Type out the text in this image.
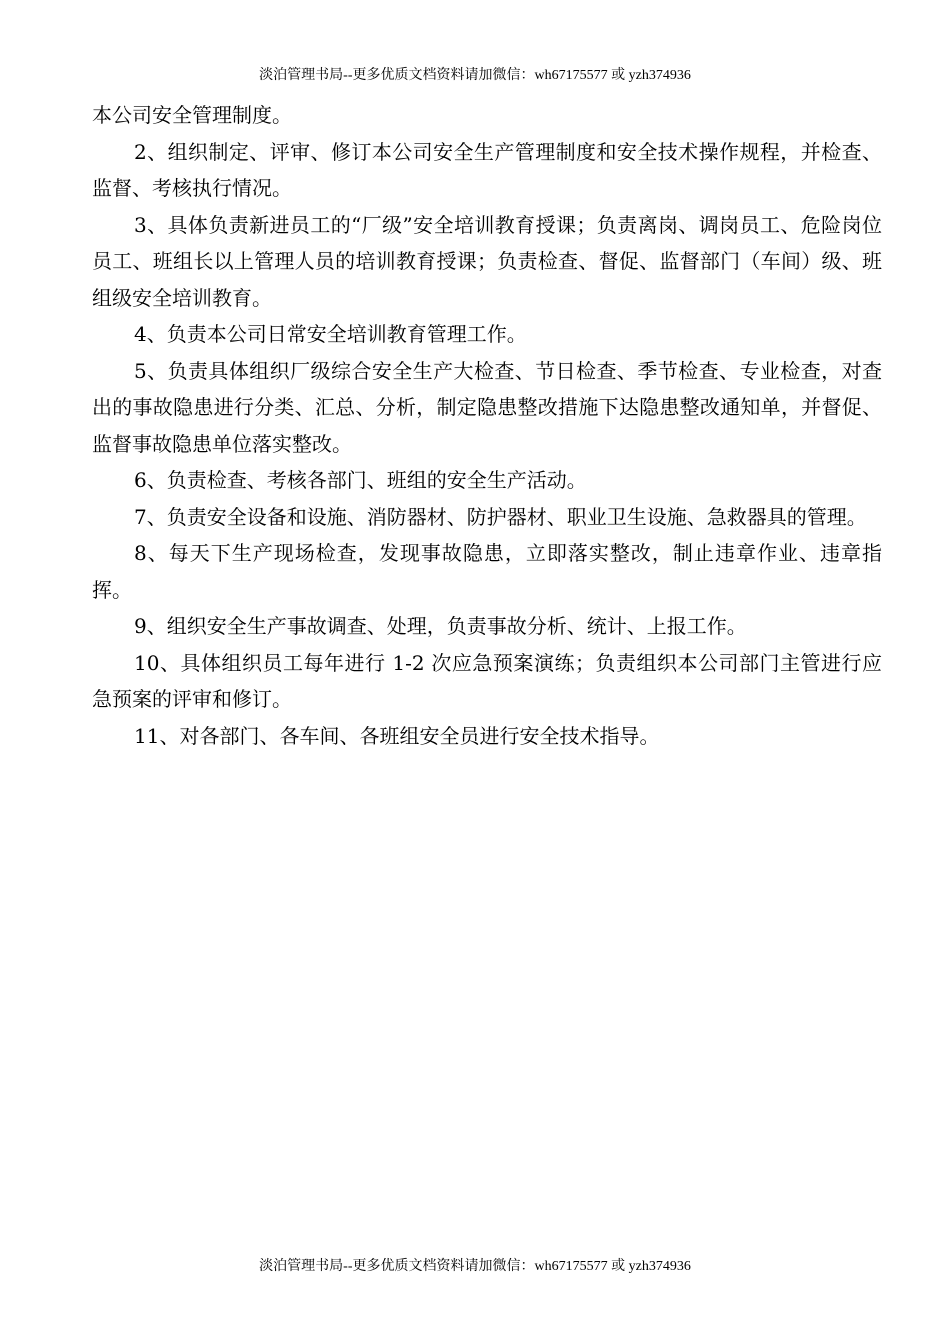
淡泊管理书局--更多优质文档资料请加微信：wh67175577 或 yzh374936

本公司安全管理制度。

2、组织制定、评审、修订本公司安全生产管理制度和安全技术操作规程，并检查、监督、考核执行情况。

3、具体负责新进员工的“厂级”安全培训教育授课；负责离岗、调岗员工、危险岗位员工、班组长以上管理人员的培训教育授课；负责检查、督促、监督部门（车间）级、班组级安全培训教育。

4、负责本公司日常安全培训教育管理工作。

5、负责具体组织厂级综合安全生产大检查、节日检查、季节检查、专业检查，对查出的事故隐患进行分类、汇总、分析，制定隐患整改措施下达隐患整改通知单，并督促、监督事故隐患单位落实整改。

6、负责检查、考核各部门、班组的安全生产活动。

7、负责安全设备和设施、消防器材、防护器材、职业卫生设施、急救器具的管理。

8、每天下生产现场检查，发现事故隐患，立即落实整改，制止违章作业、违章指挥。

9、组织安全生产事故调查、处理，负责事故分析、统计、上报工作。

10、具体组织员工每年进行 1-2 次应急预案演练；负责组织本公司部门主管进行应急预案的评审和修订。

11、对各部门、各车间、各班组安全员进行安全技术指导。

淡泊管理书局--更多优质文档资料请加微信：wh67175577 或 yzh374936
